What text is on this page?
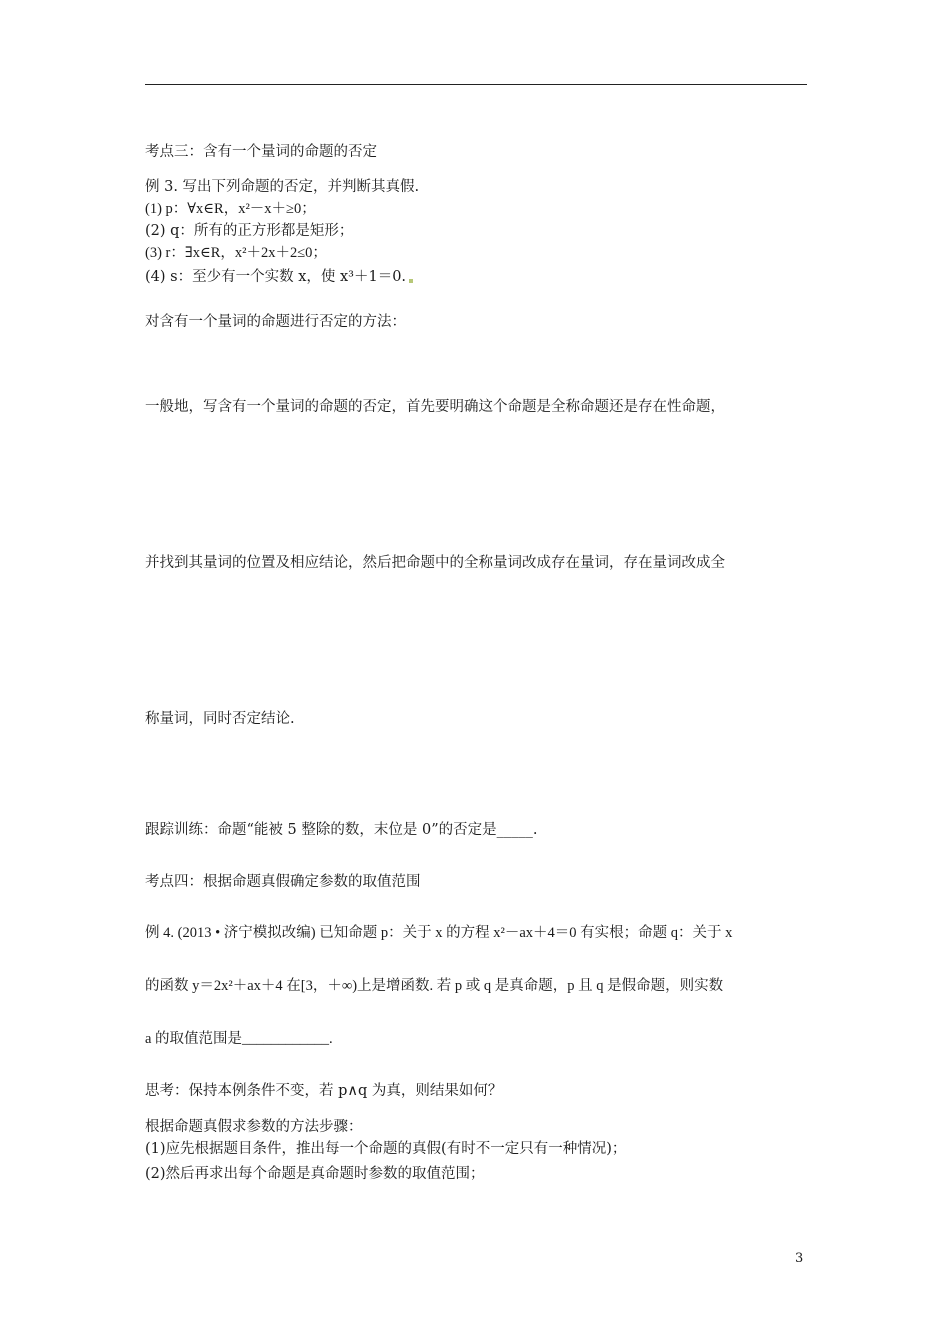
考点三：含有一个量词的命题的否定
例 3. 写出下列命题的否定，并判断其真假.
(1) p：∀x∈R，x²－x＋≥0；
(2) q：所有的正方形都是矩形；
(3) r：∃x∈R，x²＋2x＋2≤0；
(4) s：至少有一个实数 x，使 x³＋1＝0.
对含有一个量词的命题进行否定的方法：
一般地，写含有一个量词的命题的否定，首先要明确这个命题是全称命题还是存在性命题，
并找到其量词的位置及相应结论，然后把命题中的全称量词改成存在量词，存在量词改成全
称量词，同时否定结论.
跟踪训练：命题“能被 5 整除的数，末位是 0”的否定是_____.
考点四：根据命题真假确定参数的取值范围
例 4. (2013 • 济宁模拟改编) 已知命题 p：关于 x 的方程 x²－ax＋4＝0 有实根；命题 q：关于 x
的函数 y＝2x²＋ax＋4 在[3，＋∞)上是增函数. 若 p 或 q 是真命题，p 且 q 是假命题，则实数
a 的取值范围是____________.
思考：保持本例条件不变，若 p∧q 为真，则结果如何？
根据命题真假求参数的方法步骤：
(1)应先根据题目条件，推出每一个命题的真假(有时不一定只有一种情况)；
(2)然后再求出每个命题是真命题时参数的取值范围；
3
